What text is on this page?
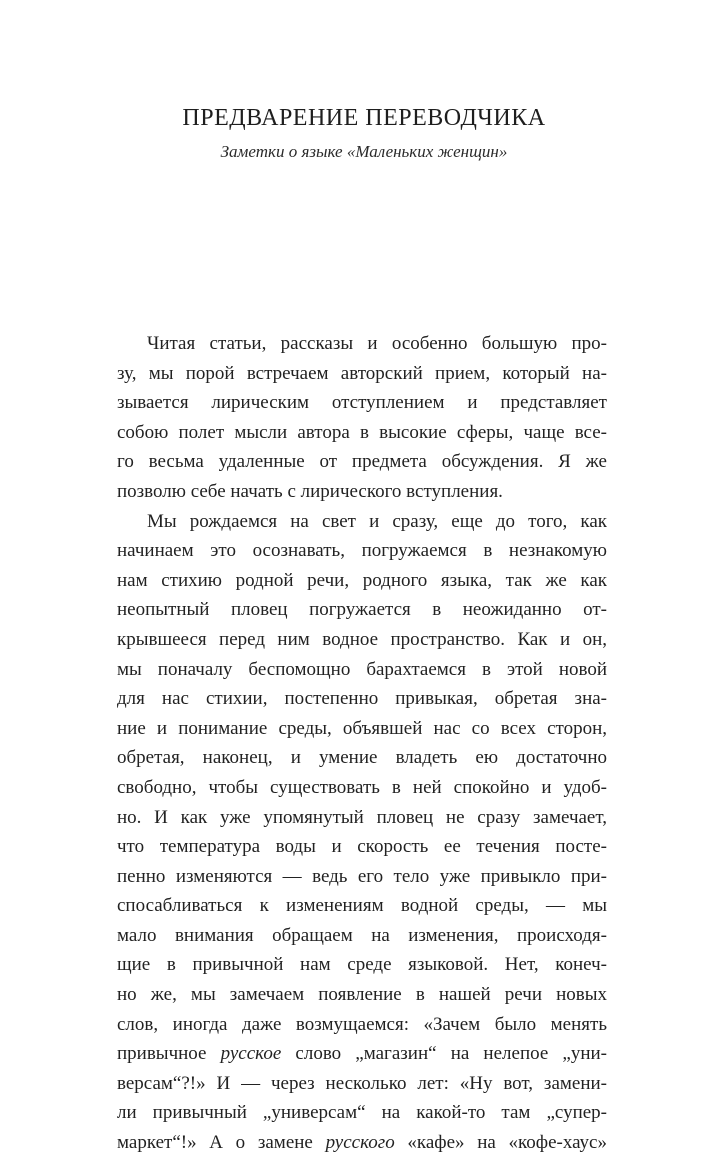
ПРЕДВАРЕНИЕ ПЕРЕВОДЧИКА
Заметки о языке «Маленьких женщин»
Читая статьи, рассказы и особенно большую про-
зу, мы порой встречаем авторский прием, который на-
зывается лирическим отступлением и представляет
собою полет мысли автора в высокие сферы, чаще все-
го весьма удаленные от предмета обсуждения. Я же
позволю себе начать с лирического вступления.
Мы рождаемся на свет и сразу, еще до того, как
начинаем это осознавать, погружаемся в незнакомую
нам стихию родной речи, родного языка, так же как
неопытный пловец погружается в неожиданно от-
крывшееся перед ним водное пространство. Как и он,
мы поначалу беспомощно барахтаемся в этой новой
для нас стихии, постепенно привыкая, обретая зна-
ние и понимание среды, объявшей нас со всех сторон,
обретая, наконец, и умение владеть ею достаточно
свободно, чтобы существовать в ней спокойно и удоб-
но. И как уже упомянутый пловец не сразу замечает,
что температура воды и скорость ее течения посте-
пенно изменяются — ведь его тело уже привыкло при-
спосабливаться к изменениям водной среды, — мы
мало внимания обращаем на изменения, происходя-
щие в привычной нам среде языковой. Нет, конеч-
но же, мы замечаем появление в нашей речи новых
слов, иногда даже возмущаемся: «Зачем было менять
привычное русское слово „магазин“ на нелепое „уни-
версам“?!» И — через несколько лет: «Ну вот, замени-
ли привычный „универсам“ на какой-то там „супер-
маркет“!» А о замене русского «кафе» на «кофе-хаус»
